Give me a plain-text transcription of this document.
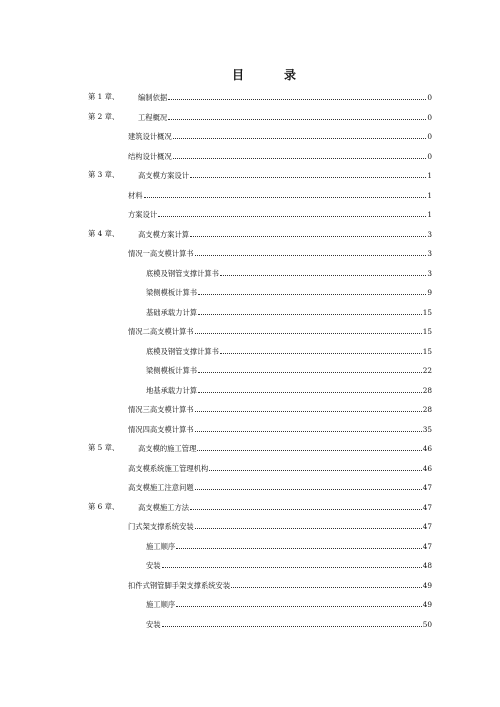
目	录
第 1 章、	编制依据	0
第 2 章、	工程概况	0
建筑设计概况	0
结构设计概况	0
第 3 章、	高支模方案设计	1
材料	1
方案设计	1
第 4 章、	高支模方案计算	3
情况一高支模计算书	3
底模及钢管支撑计算书	3
梁侧模板计算书	9
基础承载力计算	15
情况二高支模计算书	15
底模及钢管支撑计算书	15
梁侧模板计算书	22
地基承载力计算	28
情况三高支模计算书	28
情况四高支模计算书	35
第 5 章、	高支模的施工管理	46
高支模系统施工管理机构	46
高支模施工注意问题	47
第 6 章、	高支模施工方法	47
门式架支撑系统安装	47
施工顺序	47
安装	48
扣件式钢管脚手架支撑系统安装	49
施工顺序	49
安装	50
